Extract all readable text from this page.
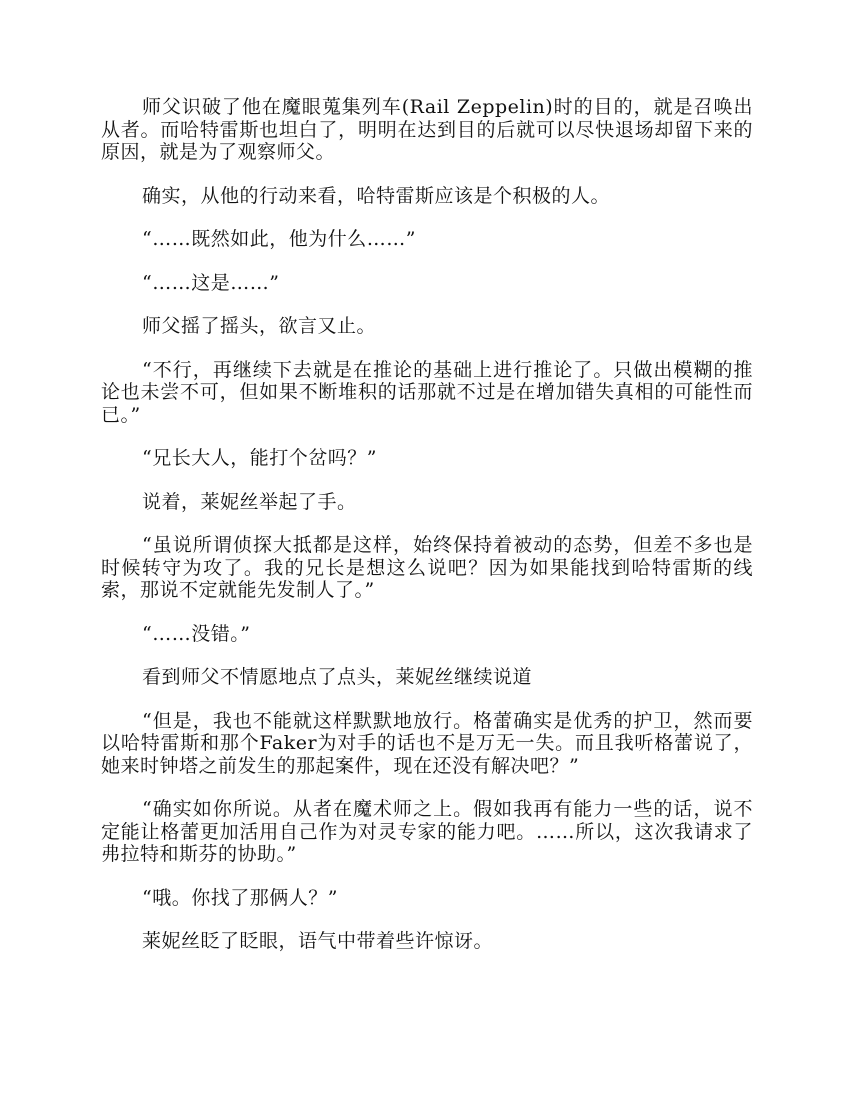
师父识破了他在魔眼蒐集列车(Rail Zeppelin)时的目的，就是召唤出从者。而哈特雷斯也坦白了，明明在达到目的后就可以尽快退场却留下来的原因，就是为了观察师父。

确实，从他的行动来看，哈特雷斯应该是个积极的人。

“……既然如此，他为什么……”

“……这是……”

师父摇了摇头，欲言又止。

“不行，再继续下去就是在推论的基础上进行推论了。只做出模糊的推论也未尝不可，但如果不断堆积的话那就不过是在增加错失真相的可能性而已。”

“兄长大人，能打个岔吗？”

说着，莱妮丝举起了手。

“虽说所谓侦探大抵都是这样，始终保持着被动的态势，但差不多也是时候转守为攻了。我的兄长是想这么说吧？因为如果能找到哈特雷斯的线索，那说不定就能先发制人了。”

“……没错。”

看到师父不情愿地点了点头，莱妮丝继续说道

“但是，我也不能就这样默默地放行。格蕾确实是优秀的护卫，然而要以哈特雷斯和那个Faker为对手的话也不是万无一失。而且我听格蕾说了，她来时钟塔之前发生的那起案件，现在还没有解决吧？”

“确实如你所说。从者在魔术师之上。假如我再有能力一些的话，说不定能让格蕾更加活用自己作为对灵专家的能力吧。……所以，这次我请求了弗拉特和斯芬的协助。”

“哦。你找了那俩人？”

莱妮丝眨了眨眼，语气中带着些许惊讶。
